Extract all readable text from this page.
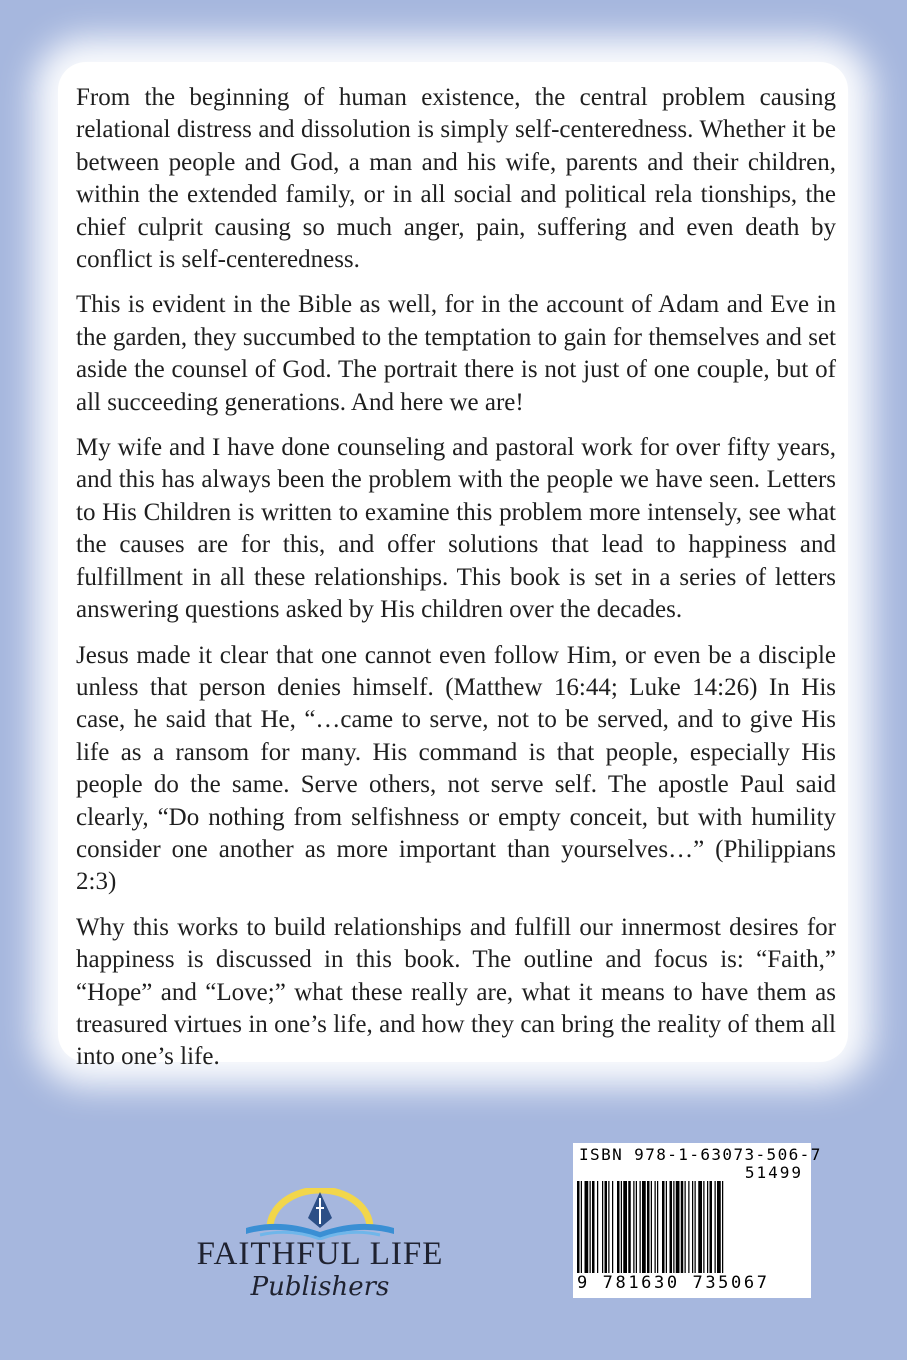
From the beginning of human existence, the central problem causing relational distress and dissolution is simply self-centeredness. Whether it be between people and God, a man and his wife, parents and their children, within the extended family, or in all social and political rela tionships, the chief culprit causing so much anger, pain, suffering and even death by conflict is self-centeredness.

This is evident in the Bible as well, for in the account of Adam and Eve in the garden, they succumbed to the temptation to gain for themselves and set aside the counsel of God. The portrait there is not just of one couple, but of all succeeding generations. And here we are!

My wife and I have done counseling and pastoral work for over fifty years, and this has always been the problem with the people we have seen. Letters to His Children is written to examine this problem more intensely, see what the causes are for this, and offer solutions that lead to happiness and fulfillment in all these relationships. This book is set in a series of letters answering questions asked by His children over the decades.

Jesus made it clear that one cannot even follow Him, or even be a disciple unless that person denies himself. (Matthew 16:44; Luke 14:26) In His case, he said that He, “…came to serve, not to be served, and to give His life as a ransom for many. His command is that people, especially His people do the same. Serve others, not serve self. The apostle Paul said clearly, “Do nothing from selfishness or empty conceit, but with humility consider one another as more important than yourselves…” (Philippians 2:3)

Why this works to build relationships and fulfill our innermost desires for happiness is discussed in this book. The outline and focus is: “Faith,” “Hope” and “Love;” what these really are, what it means to have them as treasured virtues in one’s life, and how they can bring the reality of them all into one’s life.

FAITHFUL LIFE
Publishers
ISBN 978-1-63073-506-7
51499
9 781630 735067
